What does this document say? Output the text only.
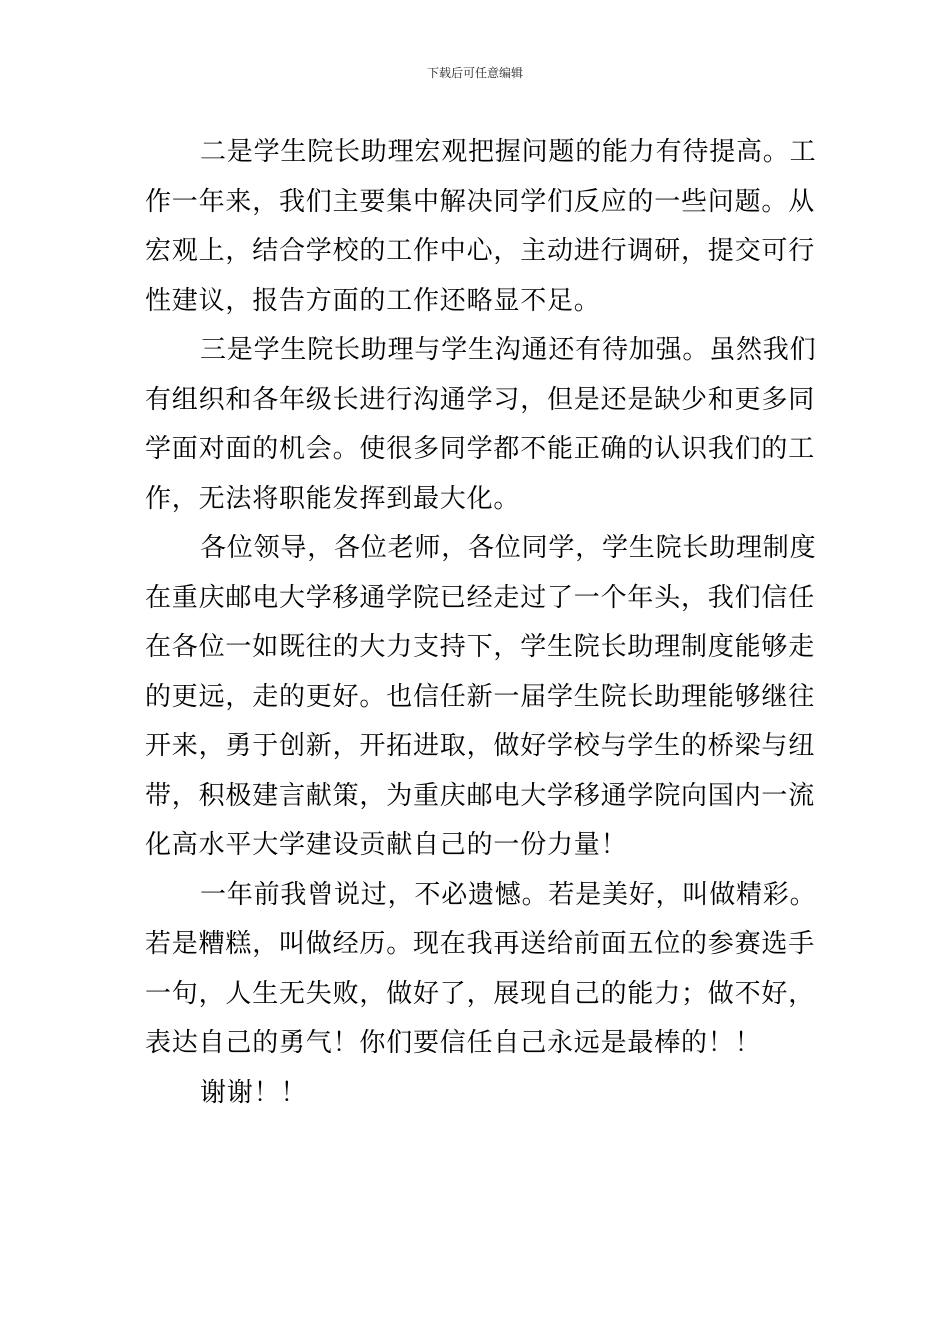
下载后可任意编辑
二是学生院长助理宏观把握问题的能力有待提高。工
作一年来，我们主要集中解决同学们反应的一些问题。从
宏观上，结合学校的工作中心，主动进行调研，提交可行
性建议，报告方面的工作还略显不足。
三是学生院长助理与学生沟通还有待加强。虽然我们
有组织和各年级长进行沟通学习，但是还是缺少和更多同
学面对面的机会。使很多同学都不能正确的认识我们的工
作，无法将职能发挥到最大化。
各位领导，各位老师，各位同学，学生院长助理制度
在重庆邮电大学移通学院已经走过了一个年头，我们信任
在各位一如既往的大力支持下，学生院长助理制度能够走
的更远，走的更好。也信任新一届学生院长助理能够继往
开来，勇于创新，开拓进取，做好学校与学生的桥梁与纽
带，积极建言献策，为重庆邮电大学移通学院向国内一流
化高水平大学建设贡献自己的一份力量！
一年前我曾说过，不必遗憾。若是美好，叫做精彩。
若是糟糕，叫做经历。现在我再送给前面五位的参赛选手
一句，人生无失败，做好了，展现自己的能力；做不好，
表达自己的勇气！你们要信任自己永远是最棒的！！
谢谢！！
